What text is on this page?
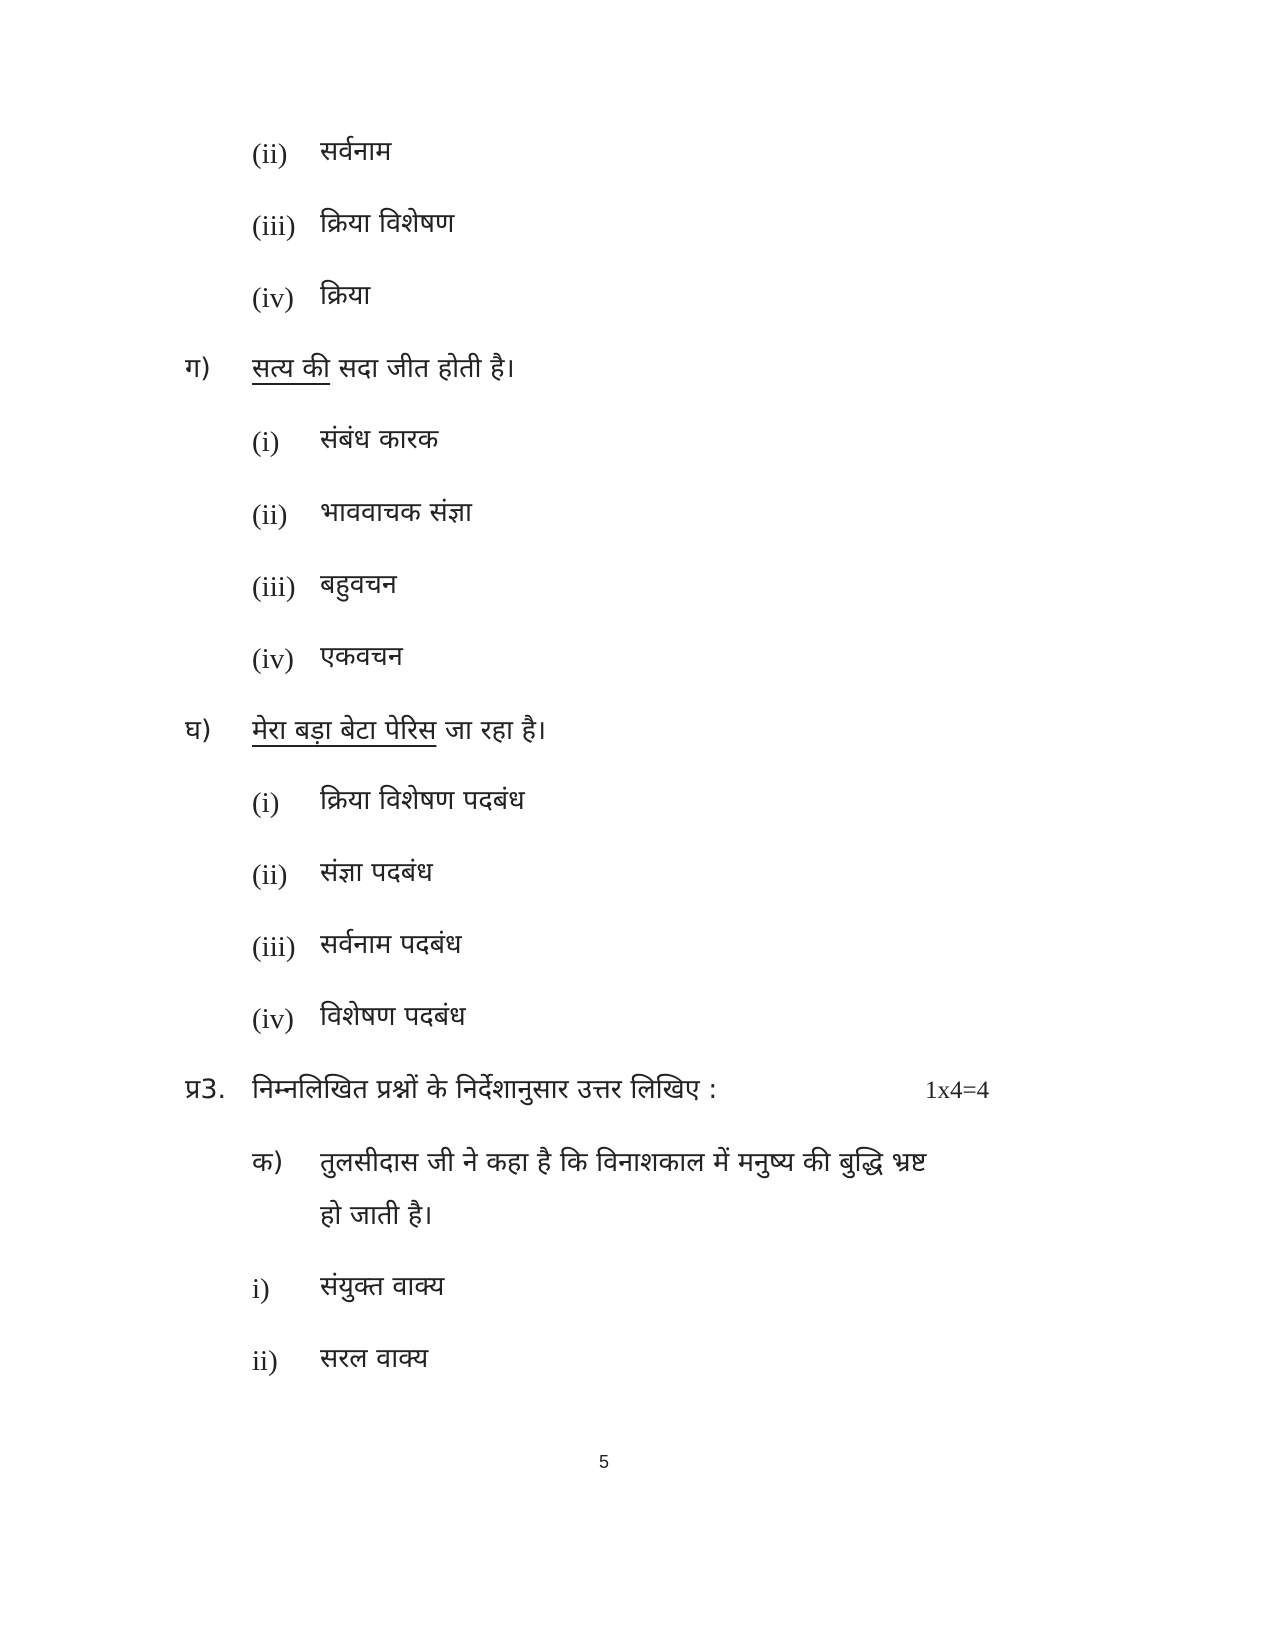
(ii) सर्वनाम
(iii) क्रिया विशेषण
(iv) क्रिया
ग) सत्य की सदा जीत होती है।
(i) संबंध कारक
(ii) भाववाचक संज्ञा
(iii) बहुवचन
(iv) एकवचन
घ) मेरा बड़ा बेटा पेरिस जा रहा है।
(i) क्रिया विशेषण पदबंध
(ii) संज्ञा पदबंध
(iii) सर्वनाम पदबंध
(iv) विशेषण पदबंध
प्र3. निम्नलिखित प्रश्नों के निर्देशानुसार उत्तर लिखिए :	1x4=4
क) तुलसीदास जी ने कहा है कि विनाशकाल में मनुष्य की बुद्धि भ्रष्ट
हो जाती है।
i) संयुक्त वाक्य
ii) सरल वाक्य
5
